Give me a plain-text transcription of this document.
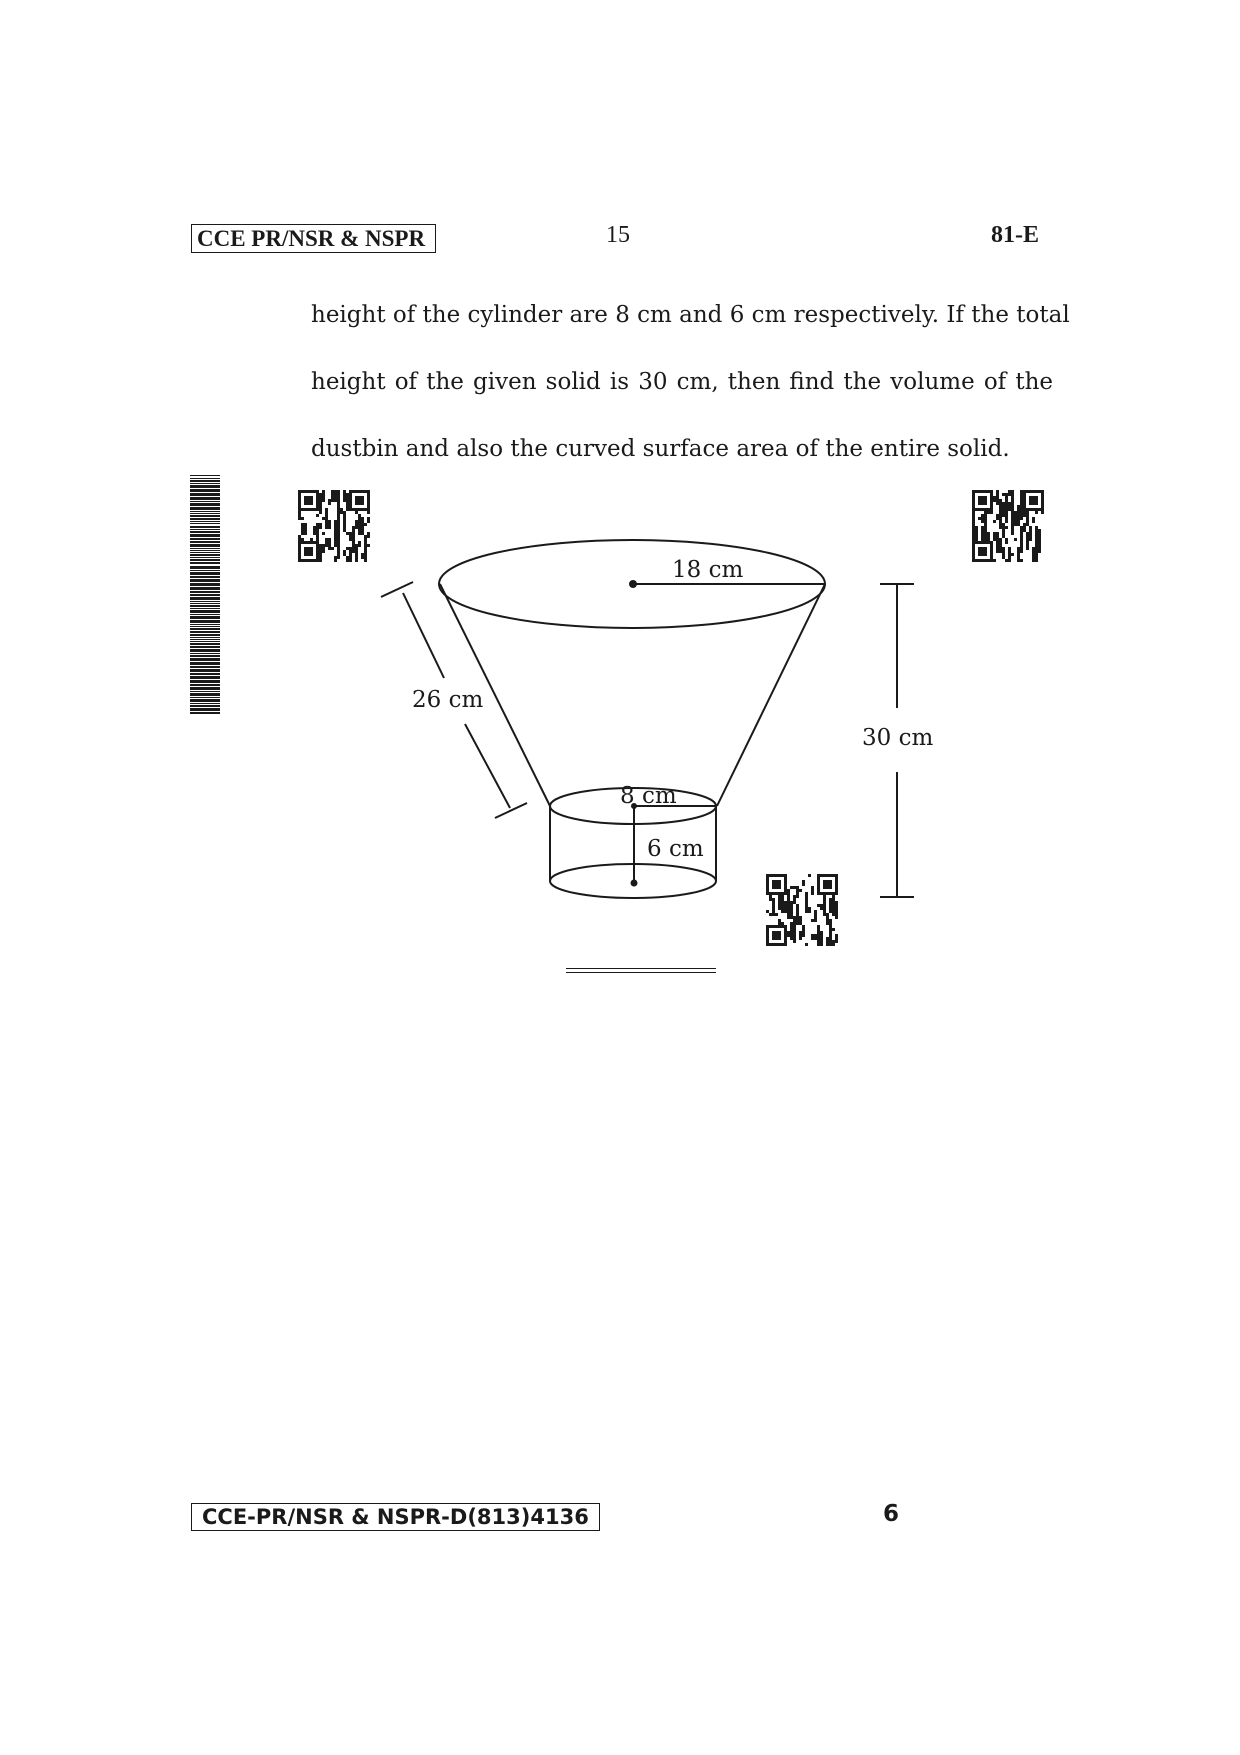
CCE PR/NSR & NSPR	15	81-E
height of the cylinder are 8 cm and 6 cm respectively. If the total
height of the given solid is 30 cm, then find the volume of the
dustbin and also the curved surface area of the entire solid.
18 cm
26 cm
30 cm
8 cm
6 cm
CCE-PR/NSR & NSPR-D(813)4136	6
